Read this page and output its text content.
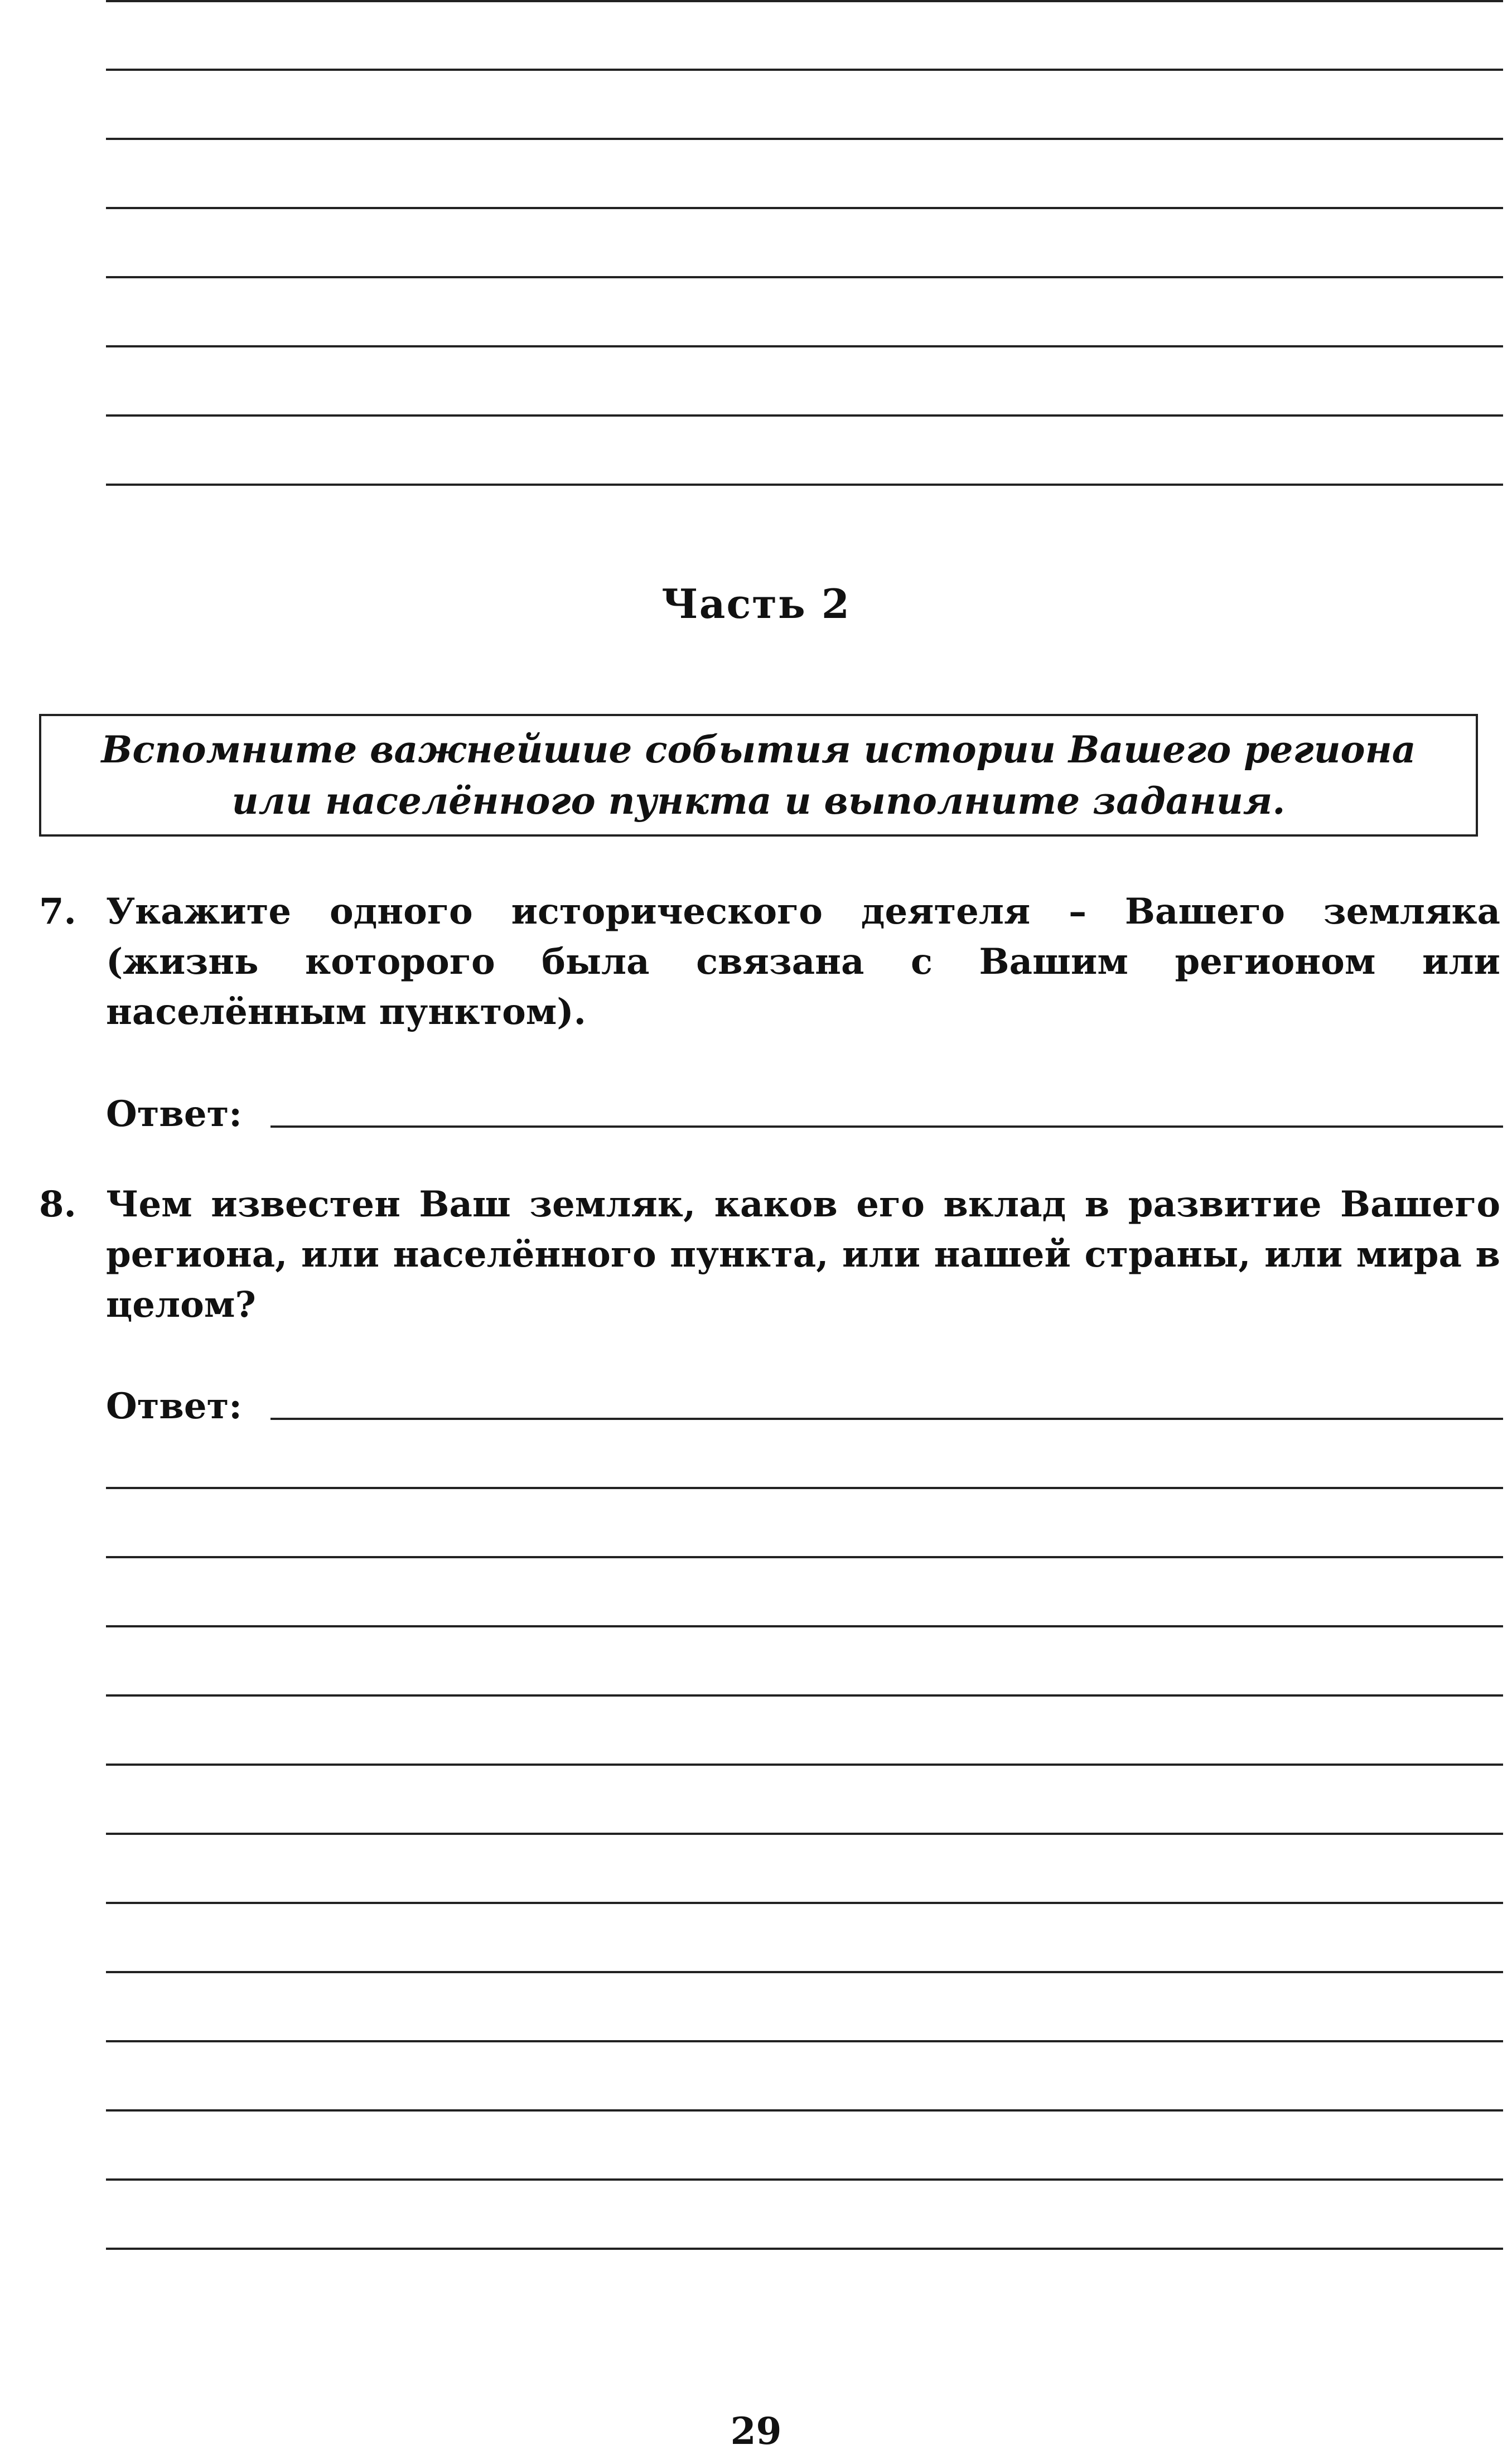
Часть 2
Вспомните важнейшие события истории Вашего региона
или населённого пункта и выполните задания.
7. Укажите одного исторического деятеля – Вашего земляка (жизнь которого была связана с Вашим регионом или населённым пунктом).
Ответ:
8. Чем известен Ваш земляк, каков его вклад в развитие Вашего региона, или населённого пункта, или нашей страны, или мира в целом?
Ответ:
29
